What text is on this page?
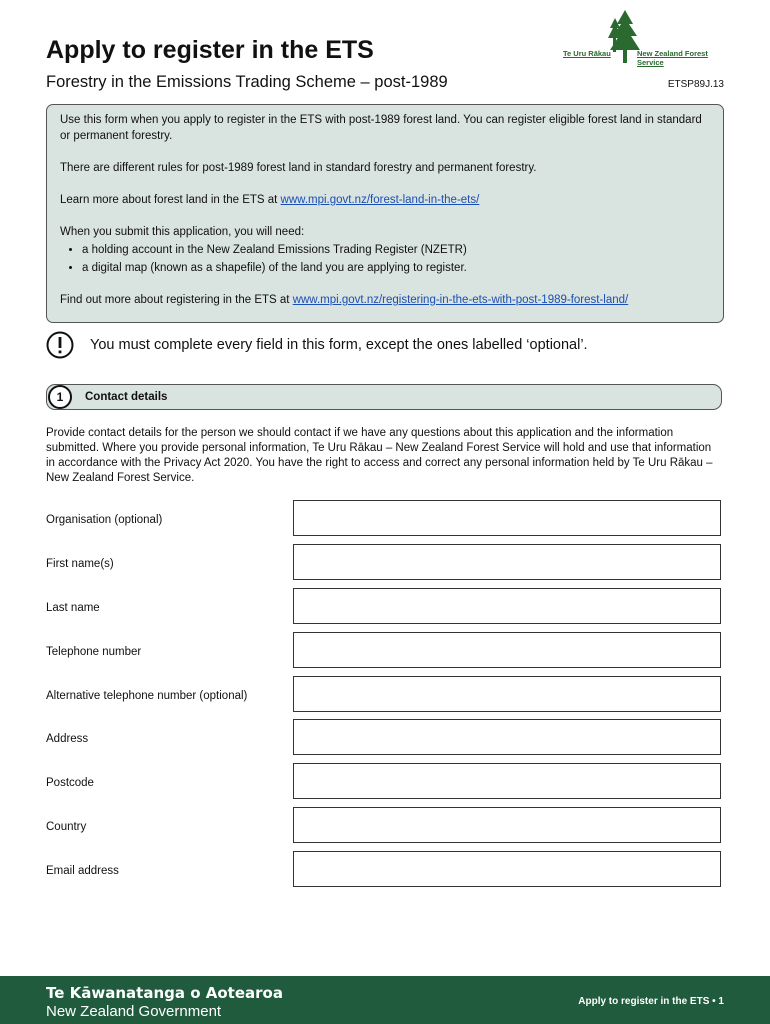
Apply to register in the ETS
Forestry in the Emissions Trading Scheme – post-1989	ETSP89J.13
Te Uru Rākau	New Zealand Forest Service

Use this form when you apply to register in the ETS with post-1989 forest land. You can register eligible forest land in standard or permanent forestry.

There are different rules for post-1989 forest land in standard forestry and permanent forestry.

Learn more about forest land in the ETS at www.mpi.govt.nz/forest-land-in-the-ets/

When you submit this application, you will need:

• a holding account in the New Zealand Emissions Trading Register (NZETR)
• a digital map (known as a shapefile) of the land you are applying to register.

Find out more about registering in the ETS at www.mpi.govt.nz/registering-in-the-ets-with-post-1989-forest-land/

You must complete every field in this form, except the ones labelled ‘optional’.
1	Contact details
Provide contact details for the person we should contact if we have any questions about this application and the information submitted. Where you provide personal information, Te Uru Rākau – New Zealand Forest Service will hold and use that information in accordance with the Privacy Act 2020. You have the right to access and correct any personal information held by Te Uru Rākau – New Zealand Forest Service.
Organisation (optional)
First name(s)
Last name
Telephone number
Alternative telephone number (optional)
Address
Postcode
Country
Email address
Te Kāwanatanga o Aotearoa
New Zealand Government
Apply to register in the ETS • 1
